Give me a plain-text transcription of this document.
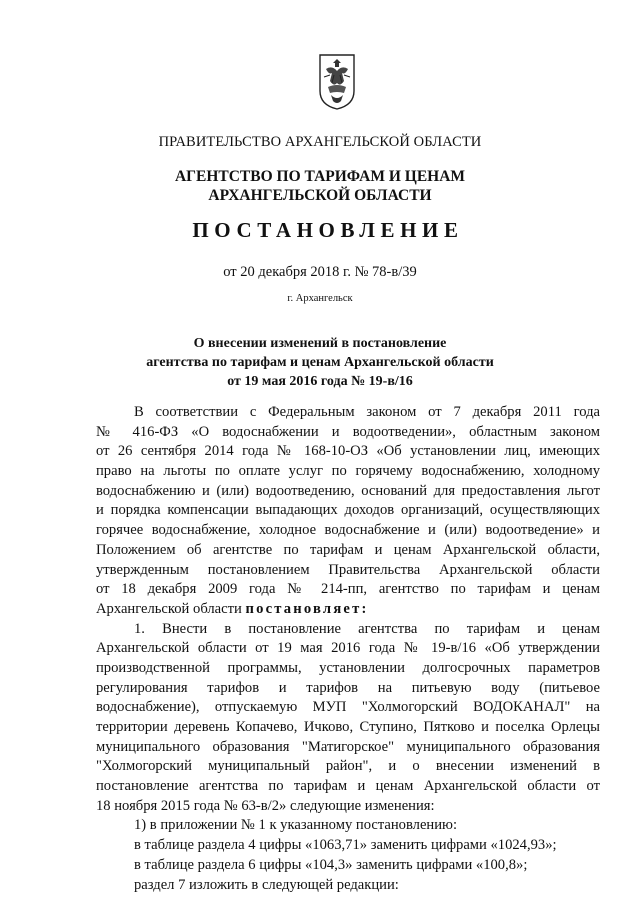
ПРАВИТЕЛЬСТВО АРХАНГЕЛЬСКОЙ ОБЛАСТИ
АГЕНТСТВО ПО ТАРИФАМ И ЦЕНАМ
АРХАНГЕЛЬСКОЙ ОБЛАСТИ
ПОСТАНОВЛЕНИЕ
от 20 декабря 2018 г. № 78-в/39
г. Архангельск
О внесении изменений в постановление
агентства по тарифам и ценам Архангельской области
от 19 мая 2016 года № 19-в/16
В соответствии с Федеральным законом от 7 декабря 2011 года
№ 416-ФЗ «О водоснабжении и водоотведении», областным законом
от 26 сентября 2014 года № 168-10-ОЗ «Об установлении лиц, имеющих
право на льготы по оплате услуг по горячему водоснабжению, холодному
водоснабжению и (или) водоотведению, оснований для предоставления льгот
и порядка компенсации выпадающих доходов организаций, осуществляющих
горячее водоснабжение, холодное водоснабжение и (или) водоотведение» и
Положением об агентстве по тарифам и ценам Архангельской области,
утвержденным постановлением Правительства Архангельской области
от 18 декабря 2009 года № 214-пп, агентство по тарифам и ценам
Архангельской области постановляет:
1. Внести в постановление агентства по тарифам и ценам
Архангельской области от 19 мая 2016 года № 19-в/16 «Об утверждении
производственной программы, установлении долгосрочных параметров
регулирования тарифов и тарифов на питьевую воду (питьевое
водоснабжение), отпускаемую МУП "Холмогорский ВОДОКАНАЛ" на
территории деревень Копачево, Ичково, Ступино, Пятково и поселка Орлецы
муниципального образования "Матигорское" муниципального образования
"Холмогорский муниципальный район", и о внесении изменений в
постановление агентства по тарифам и ценам Архангельской области от
18 ноября 2015 года № 63-в/2» следующие изменения:
1) в приложении № 1 к указанному постановлению:
в таблице раздела 4 цифры «1063,71» заменить цифрами «1024,93»;
в таблице раздела 6 цифры «104,3» заменить цифрами «100,8»;
раздел 7 изложить в следующей редакции:
